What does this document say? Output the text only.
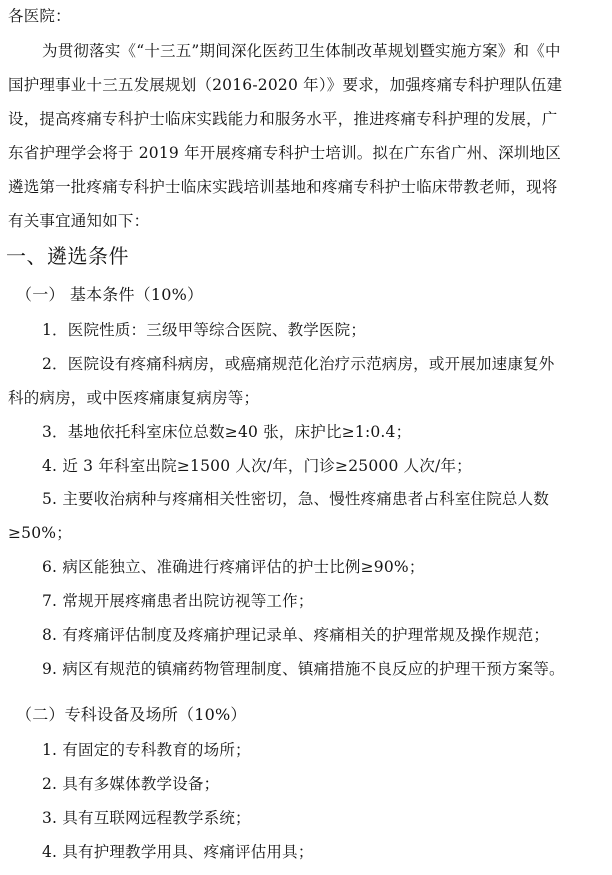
各医院：
为贯彻落实《“十三五”期间深化医药卫生体制改革规划暨实施方案》和《中
国护理事业十三五发展规划（2016-2020 年）》要求，加强疼痛专科护理队伍建
设，提高疼痛专科护士临床实践能力和服务水平，推进疼痛专科护理的发展，广
东省护理学会将于 2019 年开展疼痛专科护士培训。拟在广东省广州、深圳地区
遴选第一批疼痛专科护士临床实践培训基地和疼痛专科护士临床带教老师，现将
有关事宜通知如下：
一、遴选条件
（一） 基本条件（10%）
1．医院性质：三级甲等综合医院、教学医院；
2．医院设有疼痛科病房，或癌痛规范化治疗示范病房，或开展加速康复外
科的病房，或中医疼痛康复病房等；
3．基地依托科室床位总数≥40 张，床护比≥1:0.4；
4. 近 3 年科室出院≥1500 人次/年，门诊≥25000 人次/年；
5. 主要收治病种与疼痛相关性密切，急、慢性疼痛患者占科室住院总人数
≥50%；
6. 病区能独立、准确进行疼痛评估的护士比例≥90%；
7. 常规开展疼痛患者出院访视等工作；
8. 有疼痛评估制度及疼痛护理记录单、疼痛相关的护理常规及操作规范；
9. 病区有规范的镇痛药物管理制度、镇痛措施不良反应的护理干预方案等。
（二）专科设备及场所（10%）
1. 有固定的专科教育的场所；
2. 具有多媒体教学设备；
3. 具有互联网远程教学系统；
4. 具有护理教学用具、疼痛评估用具；
